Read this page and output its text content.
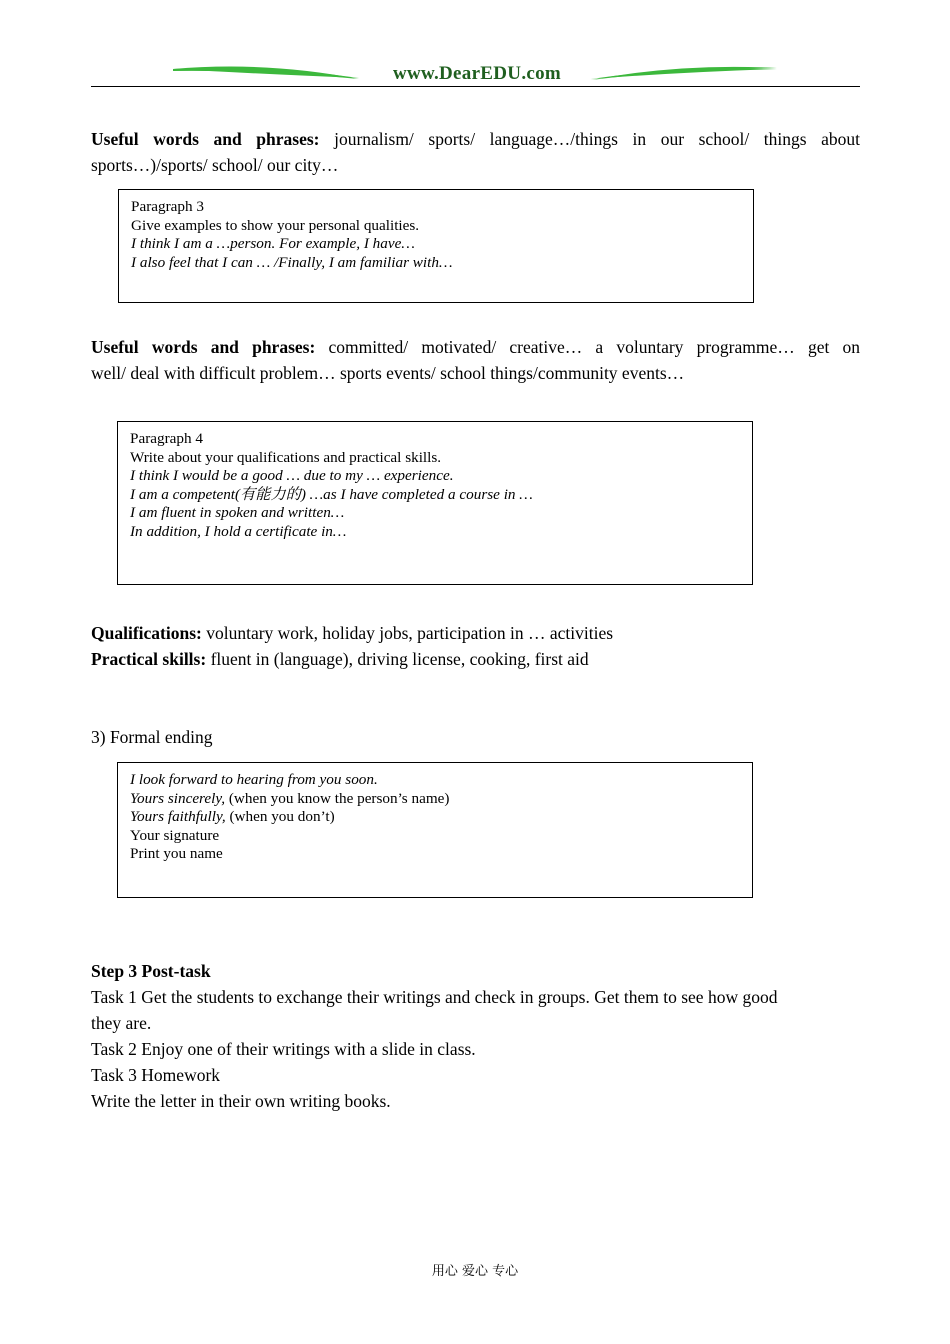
www.DearEDU.com
Useful words and phrases: journalism/ sports/ language…/things in our school/ things about
sports…)/sports/ school/ our city…
Paragraph 3
Give examples to show your personal qualities.
I think I am a …person. For example, I have…
I also feel that I can … /Finally, I am familiar with…
Useful words and phrases: committed/ motivated/ creative… a voluntary programme… get on
well/ deal with difficult problem… sports events/ school things/community events…
Paragraph 4
Write about your qualifications and practical skills.
I think I would be a good … due to my … experience.
I am a competent(有能力的) …as I have completed a course in …
I am fluent in spoken and written…
In addition, I hold a certificate in…
Qualifications: voluntary work, holiday jobs, participation in … activities
Practical skills: fluent in (language), driving license, cooking, first aid
3) Formal ending
I look forward to hearing from you soon.
Yours sincerely, (when you know the person’s name)
Yours faithfully, (when you don’t)
Your signature
Print you name
Step 3 Post-task
Task 1 Get the students to exchange their writings and check in groups. Get them to see how good
they are.
Task 2 Enjoy one of their writings with a slide in class.
Task 3 Homework
Write the letter in their own writing books.
用心 爱心 专心
